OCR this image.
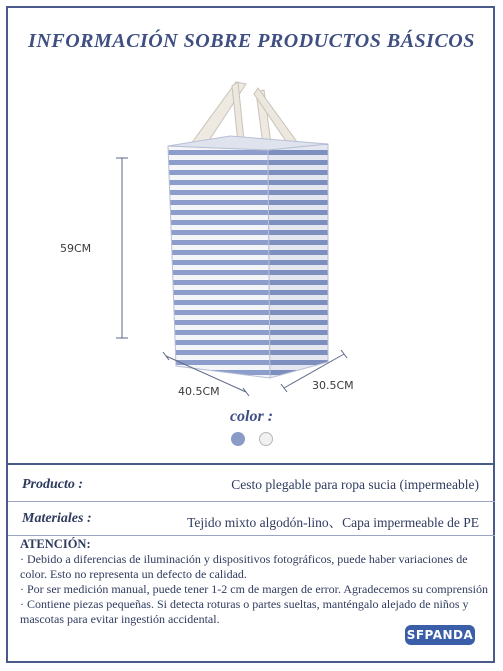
INFORMACIÓN SOBRE PRODUCTOS BÁSICOS
59CM
40.5CM	30.5CM
color :
Producto :	Cesto plegable para ropa sucia (impermeable)
Materiales :	Tejido mixto algodón-lino、Capa impermeable de PE

ATENCIÓN:

· Debido a diferencias de iluminación y dispositivos fotográficos, puede haber variaciones de color. Esto no representa un defecto de calidad.

· Por ser medición manual, puede tener 1-2 cm de margen de error. Agradecemos su comprensión

· Contiene piezas pequeñas. Si detecta roturas o partes sueltas, manténgalo alejado de niños y mascotas para evitar ingestión accidental.

SFPANDA
